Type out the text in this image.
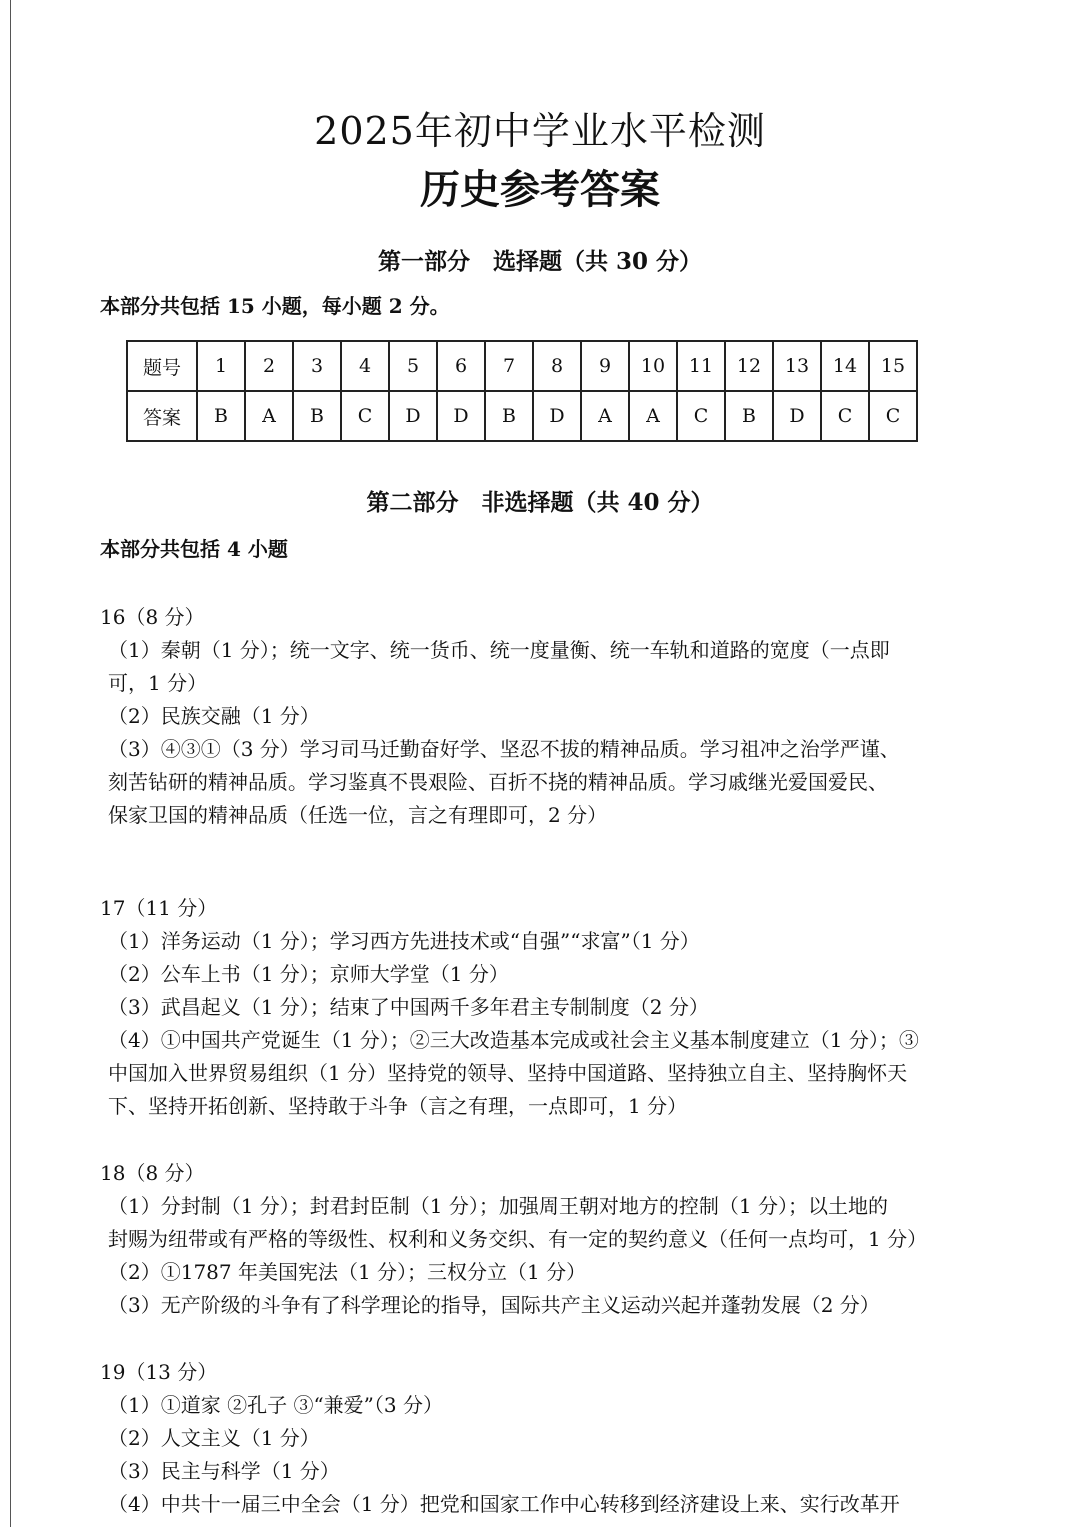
2025年初中学业水平检测
历史参考答案
第一部分　选择题（共 30 分）
本部分共包括 15 小题，每小题 2 分。
题号	1	2	3	4	5	6	7	8	9	10	11	12	13	14	15
答案	B	A	B	C	D	D	B	D	A	A	C	B	D	C	C
第二部分　非选择题（共 40 分）
本部分共包括 4 小题
16（8 分）

（1）秦朝（1 分）；统一文字、统一货币、统一度量衡、统一车轨和道路的宽度（一点即

可，1 分）

（2）民族交融（1 分）

（3）④③①（3 分）学习司马迁勤奋好学、坚忍不拔的精神品质。学习祖冲之治学严谨、

刻苦钻研的精神品质。学习鉴真不畏艰险、百折不挠的精神品质。学习戚继光爱国爱民、

保家卫国的精神品质（任选一位，言之有理即可，2 分）

17（11 分）

（1）洋务运动（1 分）；学习西方先进技术或“自强”“求富”（1 分）

（2）公车上书（1 分）；京师大学堂（1 分）

（3）武昌起义（1 分）；结束了中国两千多年君主专制制度（2 分）

（4）①中国共产党诞生（1 分）；②三大改造基本完成或社会主义基本制度建立（1 分）；③

中国加入世界贸易组织（1 分）坚持党的领导、坚持中国道路、坚持独立自主、坚持胸怀天

下、坚持开拓创新、坚持敢于斗争（言之有理，一点即可，1 分）

18（8 分）

（1）分封制（1 分）；封君封臣制（1 分）；加强周王朝对地方的控制（1 分）；以土地的

封赐为纽带或有严格的等级性、权利和义务交织、有一定的契约意义（任何一点均可，1 分）

（2）①1787 年美国宪法（1 分）；三权分立（1 分）

（3）无产阶级的斗争有了科学理论的指导，国际共产主义运动兴起并蓬勃发展（2 分）

19（13 分）

（1）①道家 ②孔子 ③“兼爱”（3 分）

（2）人文主义（1 分）

（3）民主与科学（1 分）

（4）中共十一届三中全会（1 分）把党和国家工作中心转移到经济建设上来、实行改革开
